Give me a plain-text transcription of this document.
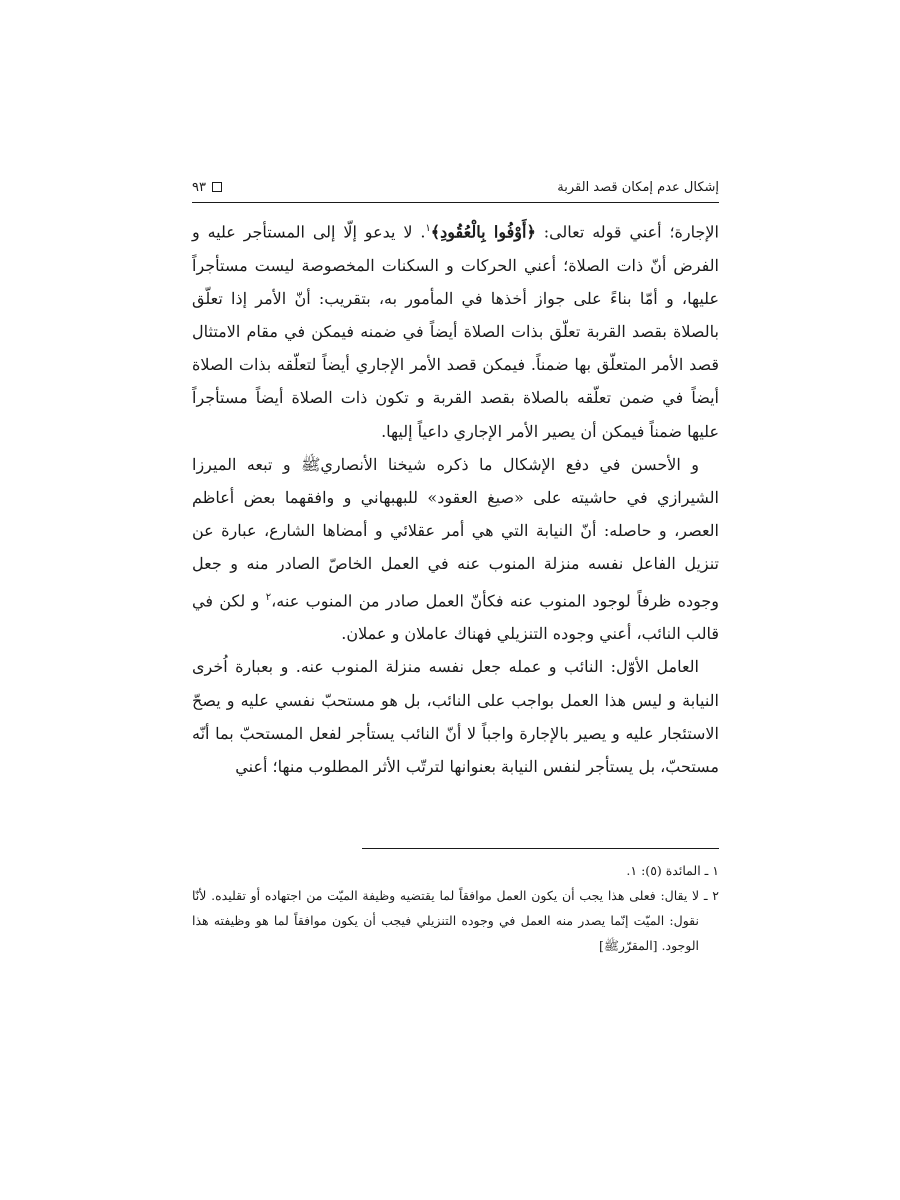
إشكال عدم إمكان قصد القربة
٩٣

الإجارة؛ أعني قوله تعالى: ﴿أَوْفُوا بِالْعُقُودِ﴾$^١$. لا يدعو إلّا إلى المستأجر عليه و الفرض أنّ ذات الصلاة؛ أعني الحركات و السكنات المخصوصة ليست مستأجراً عليها، و أمّا بناءً على جواز أخذها في المأمور به، بتقريب: أنّ الأمر إذا تعلّق بالصلاة بقصد القربة تعلّق بذات الصلاة أيضاً في ضمنه فيمكن في مقام الامتثال قصد الأمر المتعلّق بها ضمناً. فيمكن قصد الأمر الإجاري أيضاً لتعلّقه بذات الصلاة أيضاً في ضمن تعلّقه بالصلاة بقصد القربة و تكون ذات الصلاة أيضاً مستأجراً عليها ضمناً فيمكن أن يصير الأمر الإجاري داعياً إليها.

و الأحسن في دفع الإشكال ما ذكره شيخنا الأنصاري‏ﷺ و تبعه الميرزا الشيرازي في حاشيته على «صيغ العقود» للبهبهاني و وافقهما بعض أعاظم العصر، و حاصله: أنّ النيابة التي هي أمر عقلائي و أمضاها الشارع، عبارة عن تنزيل الفاعل نفسه منزلة المنوب عنه في العمل الخاصّ الصادر منه و جعل وجوده ظرفاً لوجود المنوب عنه فكأنّ العمل صادر من المنوب عنه،$^٢$ و لكن في قالب النائب، أعني وجوده التنزيلي فهناك عاملان و عملان.

العامل الأوّل: النائب و عمله جعل نفسه منزلة المنوب عنه. و بعبارة اُخرى النيابة و ليس هذا العمل بواجب على النائب، بل هو مستحبّ نفسي عليه و يصحّ الاستئجار عليه و يصير بالإجارة واجباً لا أنّ النائب يستأجر لفعل المستحبّ بما أنّه مستحبّ، بل يستأجر لنفس النيابة بعنوانها لترتّب الأثر المطلوب منها؛ أعني

١ ـ المائدة (٥): ١.

٢ ـ لا يقال: فعلى هذا يجب أن يكون العمل موافقاً لما يقتضيه وظيفة الميّت من اجتهاده أو تقليده. لأنّا نقول: الميّت إنّما يصدر منه العمل في وجوده التنزيلي فيجب أن يكون موافقاً لما هو وظيفته هذا الوجود. [المقرّرﷺ]
